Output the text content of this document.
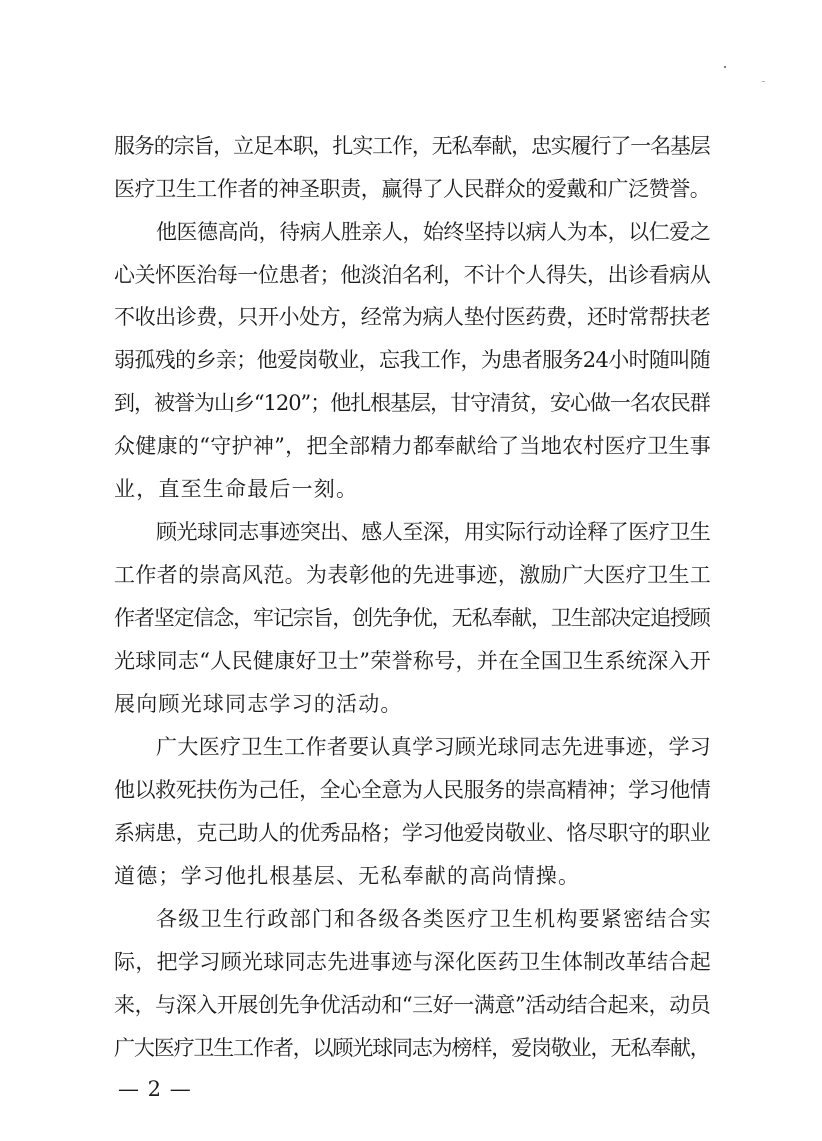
服务的宗旨，立足本职，扎实工作，无私奉献，忠实履行了一名基层
医疗卫生工作者的神圣职责，赢得了人民群众的爱戴和广泛赞誉。
他医德高尚，待病人胜亲人，始终坚持以病人为本，以仁爱之
心关怀医治每一位患者；他淡泊名利，不计个人得失，出诊看病从
不收出诊费，只开小处方，经常为病人垫付医药费，还时常帮扶老
弱孤残的乡亲；他爱岗敬业，忘我工作，为患者服务24小时随叫随
到，被誉为山乡“120”；他扎根基层，甘守清贫，安心做一名农民群
众健康的“守护神”，把全部精力都奉献给了当地农村医疗卫生事
业，直至生命最后一刻。
顾光球同志事迹突出、感人至深，用实际行动诠释了医疗卫生
工作者的崇高风范。为表彰他的先进事迹，激励广大医疗卫生工
作者坚定信念，牢记宗旨，创先争优，无私奉献，卫生部决定追授顾
光球同志“人民健康好卫士”荣誉称号，并在全国卫生系统深入开
展向顾光球同志学习的活动。
广大医疗卫生工作者要认真学习顾光球同志先进事迹，学习
他以救死扶伤为己任，全心全意为人民服务的崇高精神；学习他情
系病患，克己助人的优秀品格；学习他爱岗敬业、恪尽职守的职业
道德；学习他扎根基层、无私奉献的高尚情操。
各级卫生行政部门和各级各类医疗卫生机构要紧密结合实
际，把学习顾光球同志先进事迹与深化医药卫生体制改革结合起
来，与深入开展创先争优活动和“三好一满意”活动结合起来，动员
广大医疗卫生工作者，以顾光球同志为榜样，爱岗敬业，无私奉献，
— 2 —
